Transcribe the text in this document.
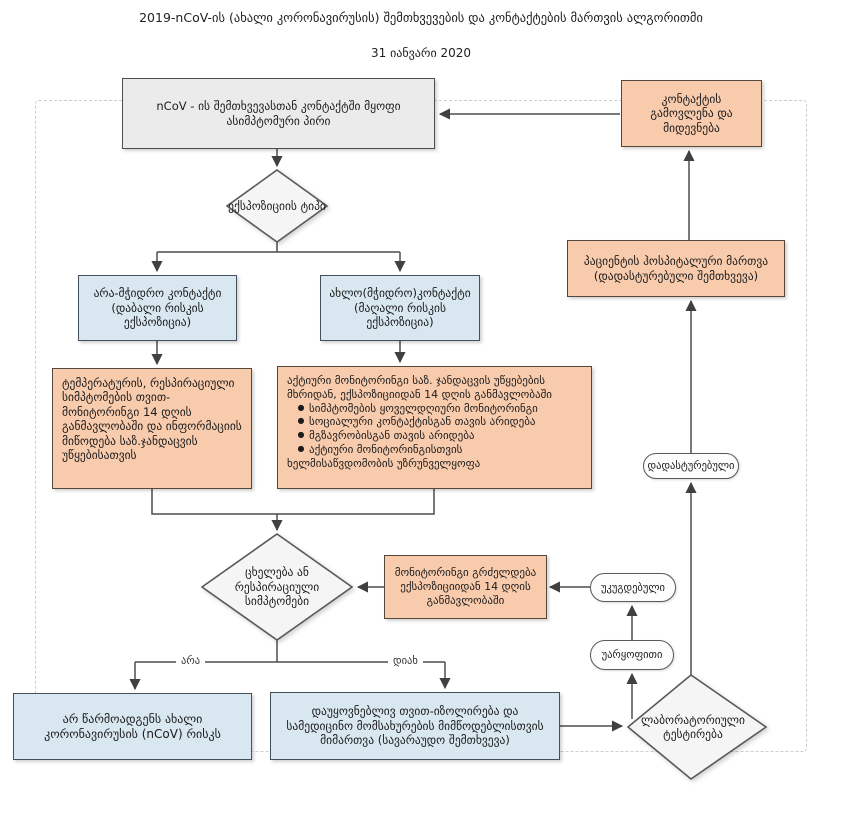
2019-nCoV-ის (ახალი კორონავირუსის) შემთხვევების და კონტაქტების მართვის ალგორითმი
31 იანვარი 2020
nCoV - ის შემთხვევასთან კონტაქტში მყოფი ასიმპტომური პირი
კონტაქტის გამოვლენა და მიდევნება
ექსპოზიციის ტიპი
არა-მჭიდრო კონტაქტი (დაბალი რისკის ექსპოზიცია)
ახლო(მჭიდრო)კონტაქტი (მაღალი რისკის ექსპოზიცია)
ტემპერატურის, რესპირაციული სიმპტომების თვით-მონიტორინგი 14 დღის განმავლობაში და ინფორმაციის მიწოდება საზ.ჯანდაცვის უწყებისათვის
აქტიური მონიტორინგი საზ. ჯანდაცვის უწყებების მხრიდან, ექსპოზიციიდან 14 დღის განმავლობაში
● სიმპტომების ყოველდღიური მონიტორინგი
● სოციალური კონტაქტისგან თავის არიდება
● მგზავრობისგან თავის არიდება
● აქტიური მონიტორინგისთვის
ხელმისაწვდომობის უზრუნველყოფა
პაციენტის ჰოსპიტალური მართვა (დადასტურებული შემთხვევა)
ცხელება ან რესპირაციული სიმპტომები
მონიტორინგი გრძელდება ექსპოზიციიდან 14 დღის განმავლობაში
დადასტურებული
უკუგდებული
უარყოფითი
ლაბორატორიული ტესტირება
არა	დიახ
არ წარმოადგენს ახალი კორონავირუსის (nCoV) რისკს
დაუყოვნებლივ თვით-იზოლირება და სამედიცინო მომსახურების მიმწოდებლისთვის მიმართვა (სავარაუდო შემთხვევა)
